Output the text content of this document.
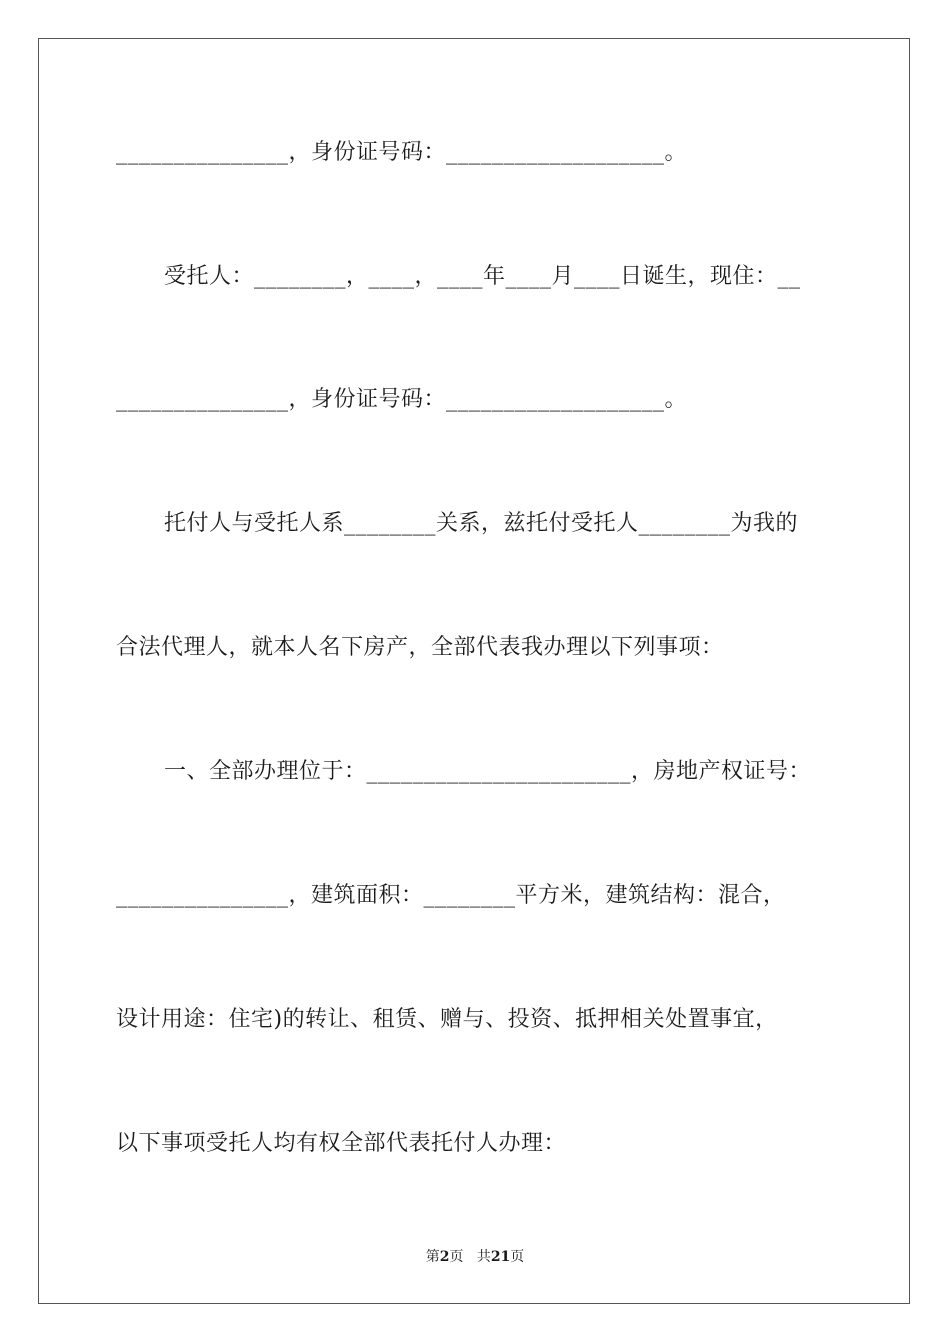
_______________，身份证号码：___________________。
受托人：________，____，____年____月____日诞生，现住：__
_______________，身份证号码：___________________。
托付人与受托人系________关系，兹托付受托人________为我的
合法代理人，就本人名下房产，全部代表我办理以下列事项：
一、全部办理位于：_______________________，房地产权证号：
_______________，建筑面积：________平方米，建筑结构：混合，
设计用途：住宅)的转让、租赁、赠与、投资、抵押相关处置事宜，
以下事项受托人均有权全部代表托付人办理：
第2页 共21页
